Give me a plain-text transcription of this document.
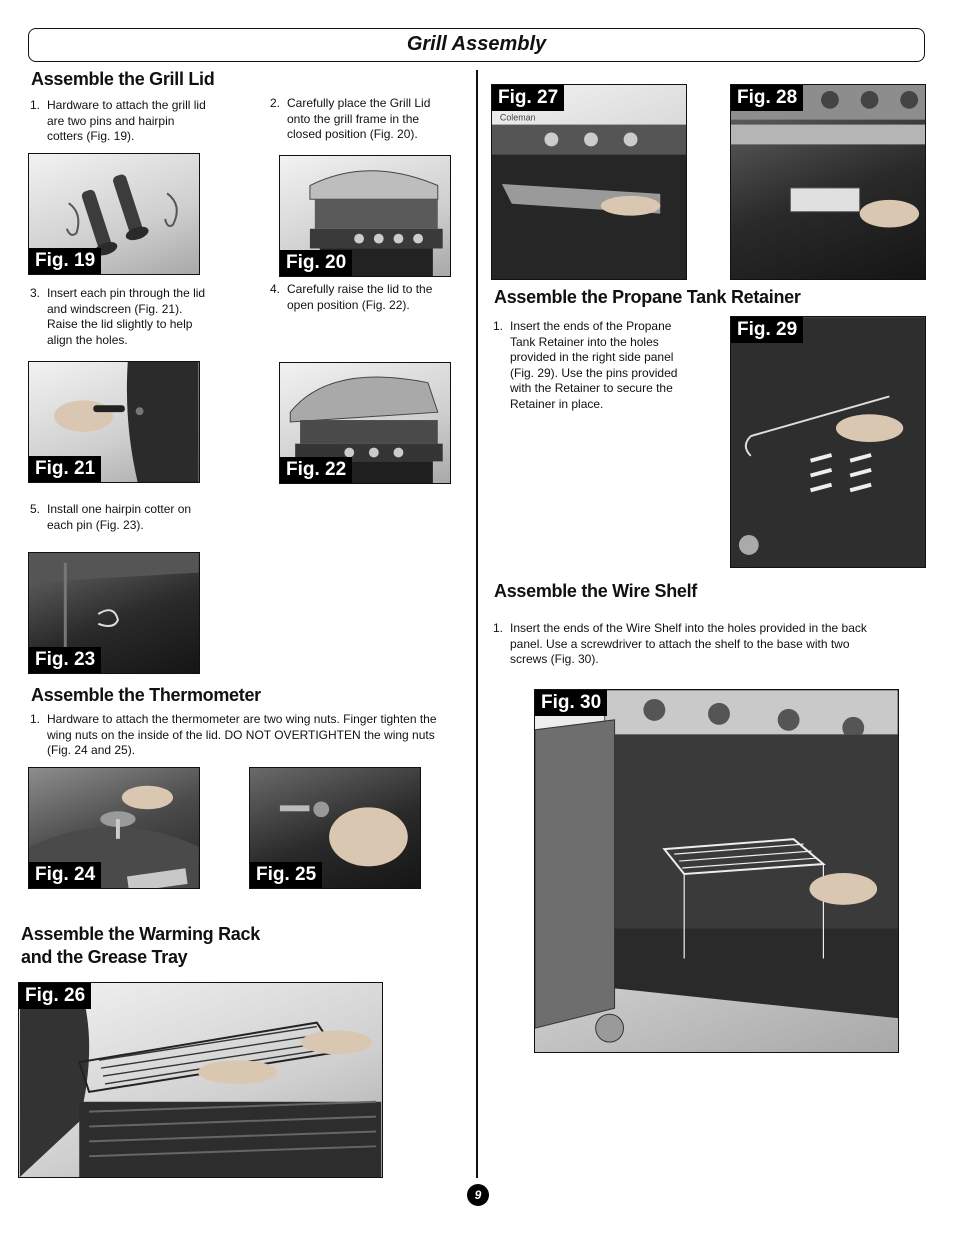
Grill Assembly
Assemble the Grill Lid
1. Hardware to attach the grill lid are two pins and hairpin cotters (Fig. 19).
2. Carefully place the Grill Lid onto the grill frame in the closed position (Fig. 20).
Fig. 19	Fig. 20
3. Insert each pin through the lid and windscreen (Fig. 21). Raise the lid slightly to help align the holes.
4. Carefully raise the lid to the open position (Fig. 22).
Fig. 21	Fig. 22
5. Install one hairpin cotter on each pin (Fig. 23).
Fig. 23
Assemble the Thermometer
1. Hardware to attach the thermometer are two wing nuts. Finger tighten the wing nuts on the inside of the lid. DO NOT OVERTIGHTEN the wing nuts (Fig. 24 and 25).
Fig. 24	Fig. 25
Assemble the Warming Rack
and the Grease Tray
Fig. 26
Coleman
Fig. 27	Fig. 28
Assemble the Propane Tank Retainer
1. Insert the ends of the Propane Tank Retainer into the holes provided in the right side panel (Fig. 29). Use the pins provided with the Retainer to secure the Retainer in place.
Fig. 29
Assemble the Wire Shelf
1. Insert the ends of the Wire Shelf into the holes provided in the back panel. Use a screwdriver to attach the shelf to the base with two screws (Fig. 30).
Fig. 30
9
